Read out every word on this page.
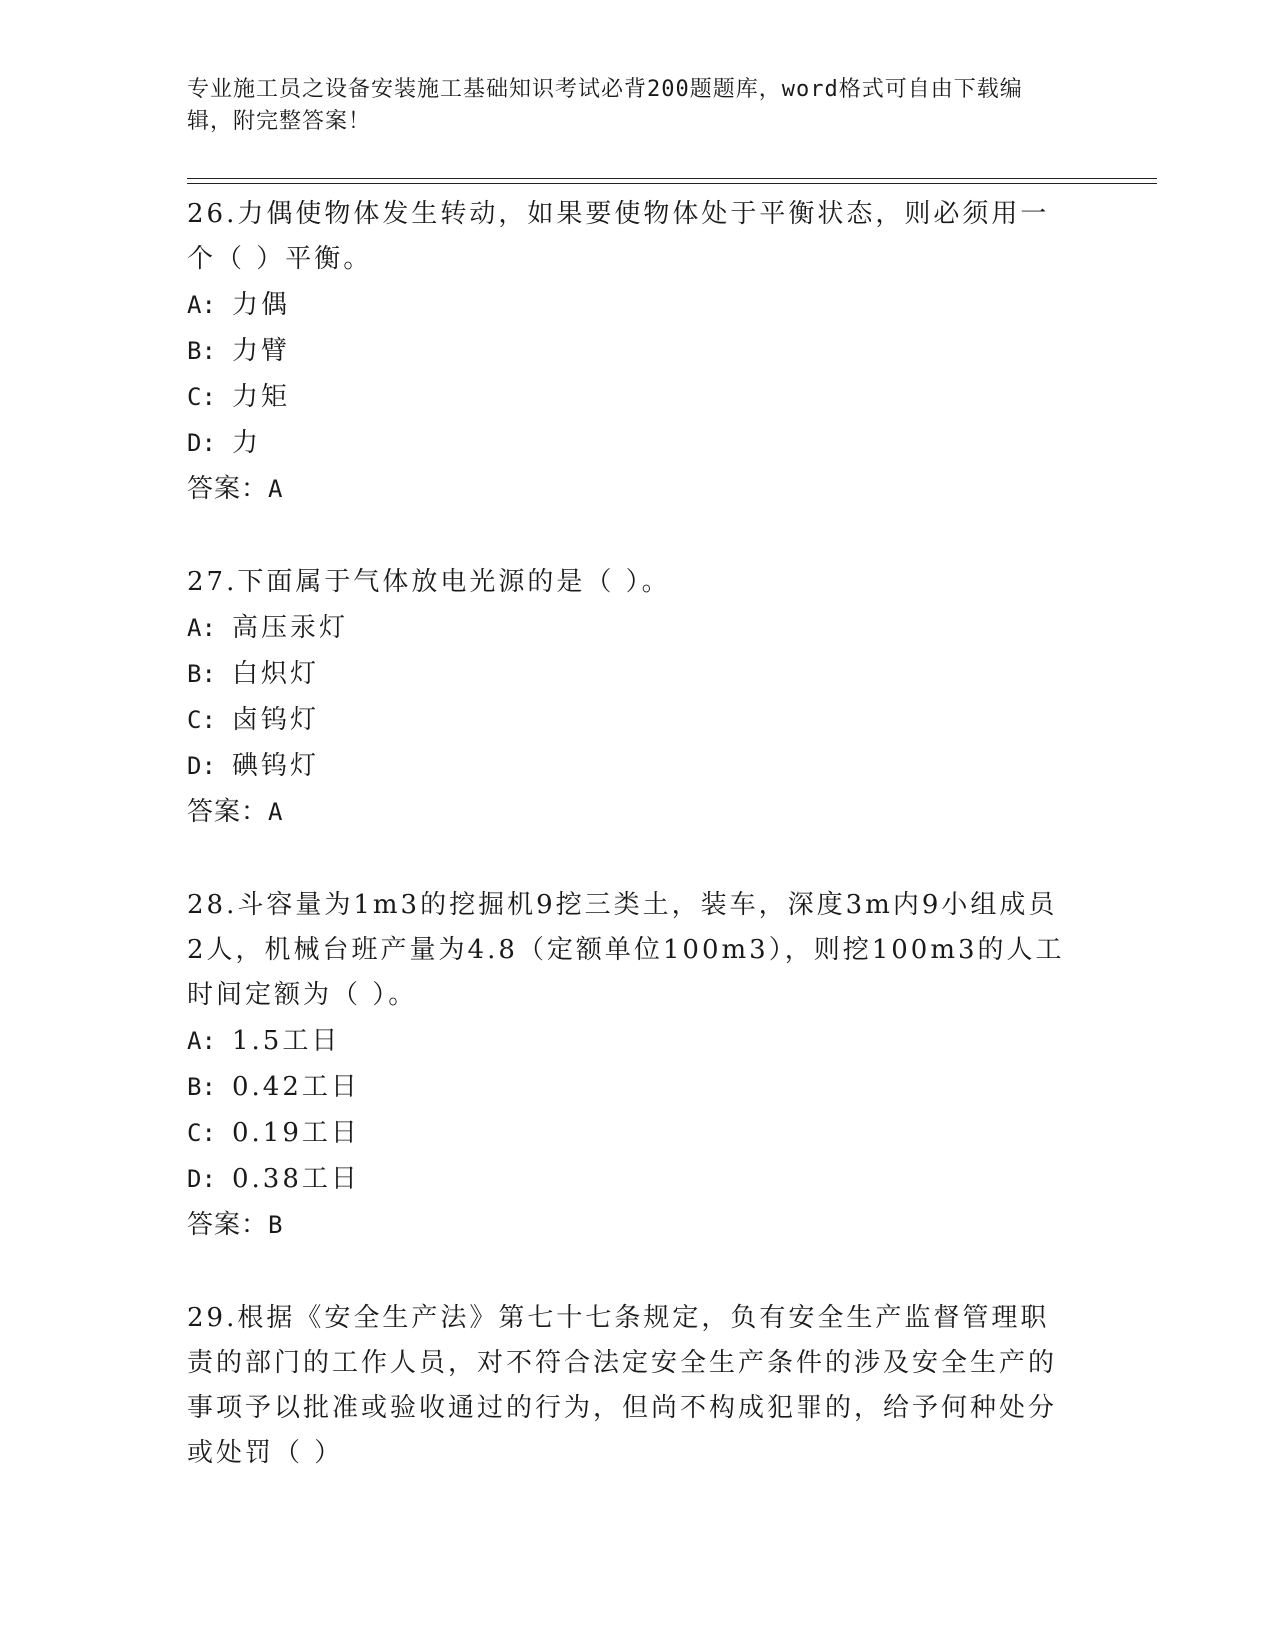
专业施工员之设备安装施工基础知识考试必背200题题库，word格式可自由下载编辑，附完整答案！

26.力偶使物体发生转动，如果要使物体处于平衡状态，则必须用一个（ ）平衡。

A: 力偶

B: 力臂

C: 力矩

D: 力

答案：A

27.下面属于气体放电光源的是（ ）。

A: 高压汞灯

B: 白炽灯

C: 卤钨灯

D: 碘钨灯

答案：A

28.斗容量为1m3的挖掘机9挖三类土，装车，深度3m内9小组成员2人，机械台班产量为4.8（定额单位100m3），则挖100m3的人工时间定额为（ ）。

A: 1.5工日

B: 0.42工日

C: 0.19工日

D: 0.38工日

答案：B

29.根据《安全生产法》第七十七条规定，负有安全生产监督管理职责的部门的工作人员，对不符合法定安全生产条件的涉及安全生产的事项予以批准或验收通过的行为，但尚不构成犯罪的，给予何种处分或处罚（ ）
